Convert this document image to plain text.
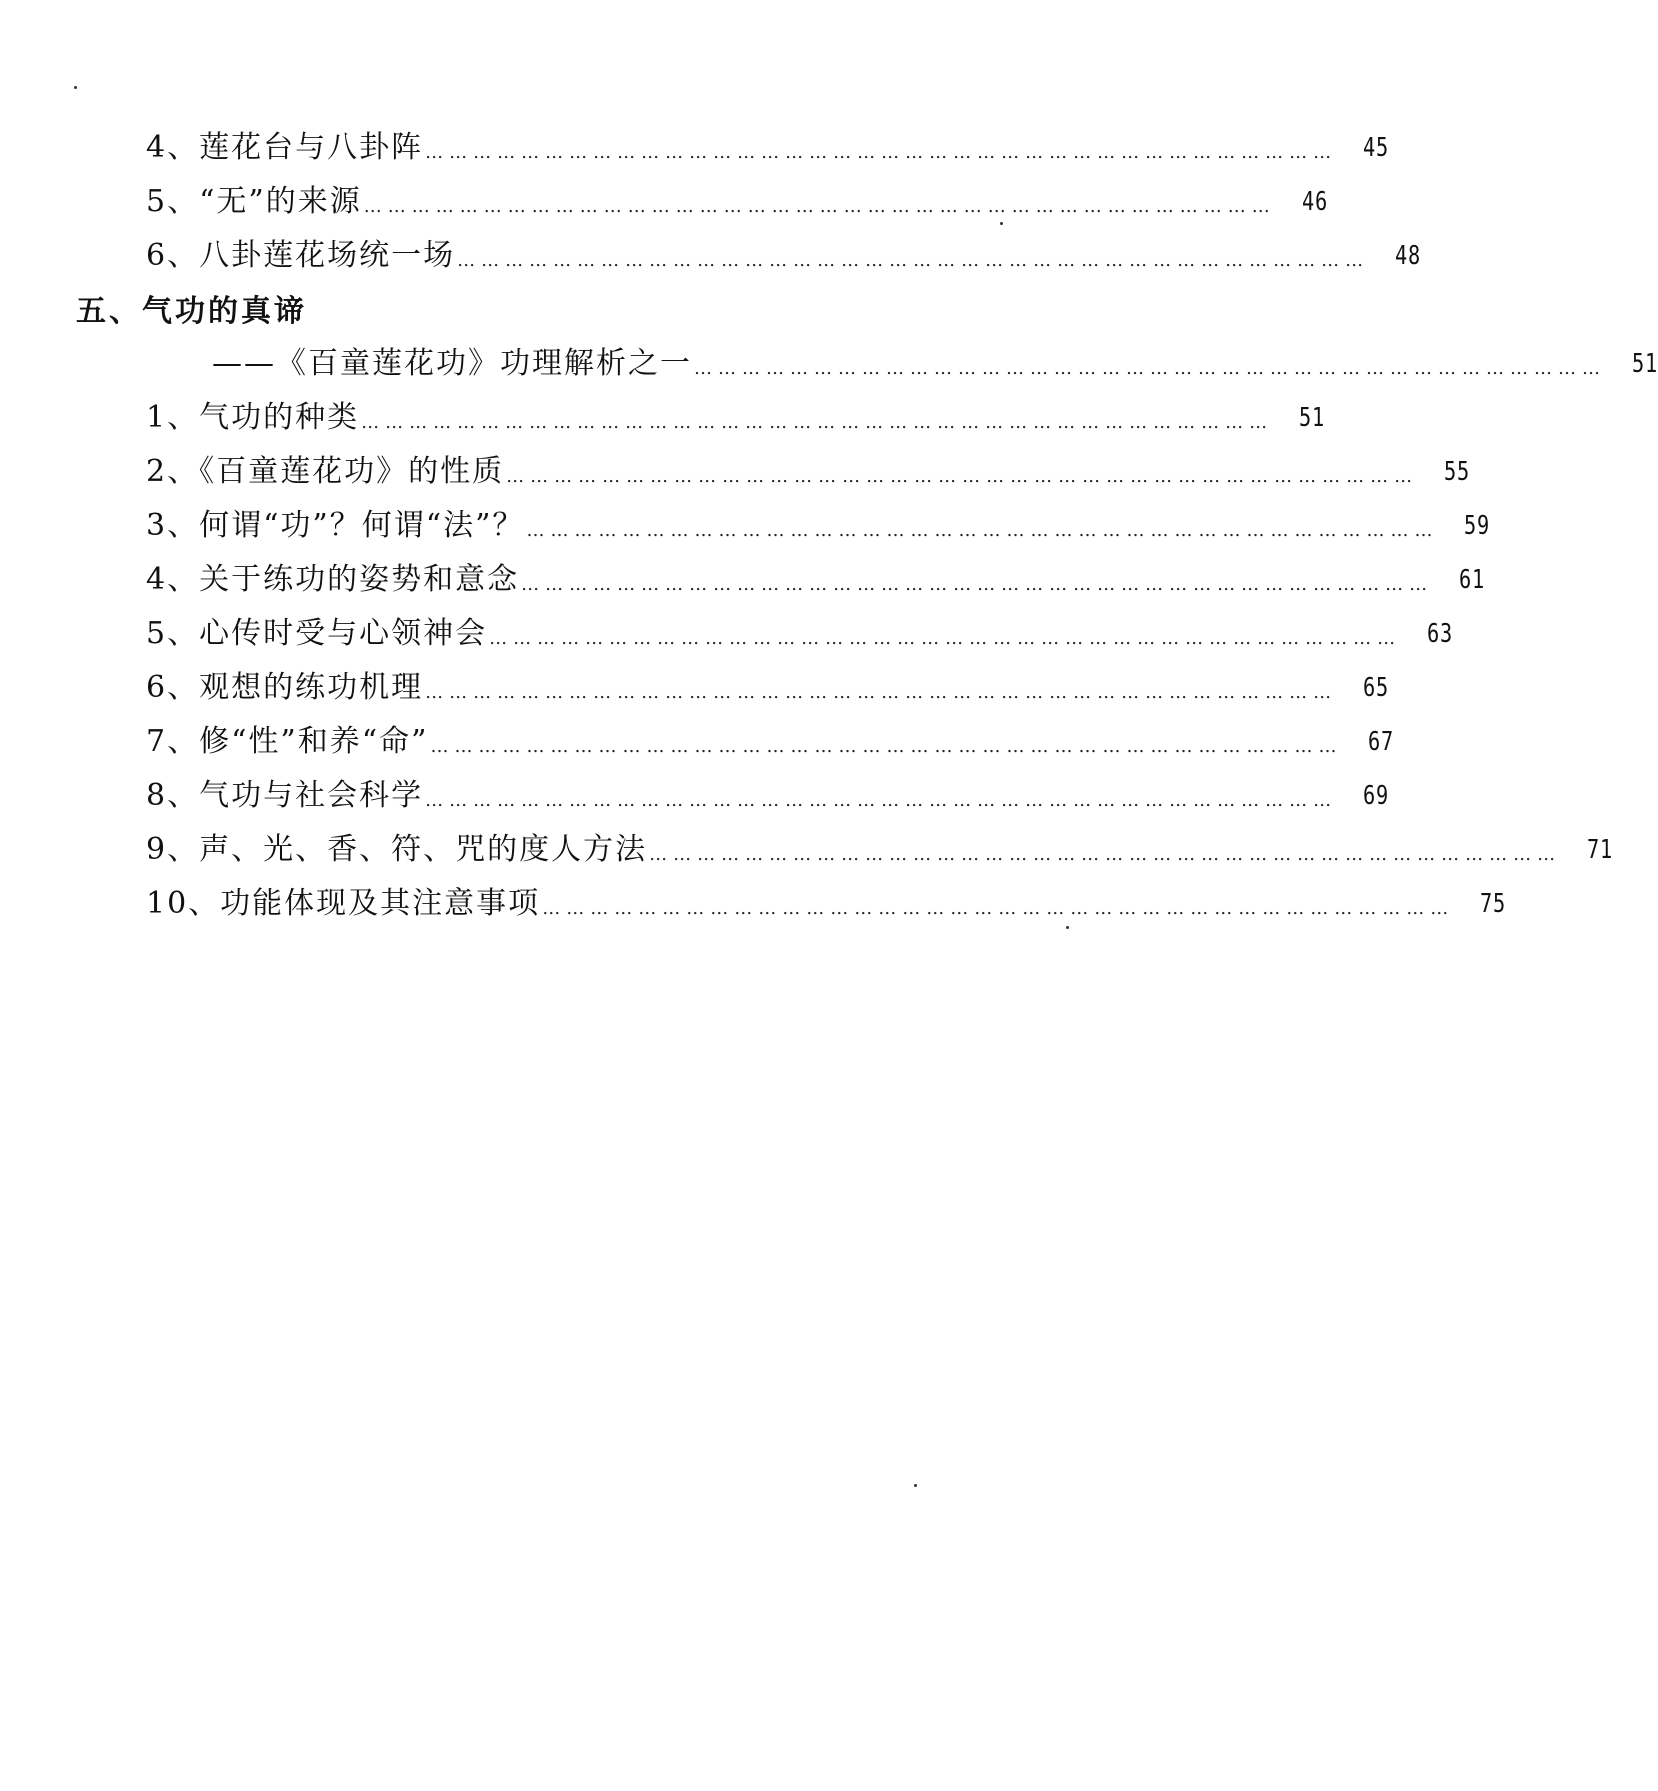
4、莲花台与八卦阵 ……………………………………………………………………………………………………	45
5、“无”的来源 ……………………………………………………………………………………………………	46
6、八卦莲花场统一场 ……………………………………………………………………………………………………	48
五、气功的真谛
——《百童莲花功》功理解析之一 ……………………………………………………………………………………………………	51
1、气功的种类 ……………………………………………………………………………………………………	51
2、《百童莲花功》的性质 ……………………………………………………………………………………………………	55
3、何谓“功”？何谓“法”？ ……………………………………………………………………………………………………	59
4、关于练功的姿势和意念 ……………………………………………………………………………………………………	61
5、心传时受与心领神会 ……………………………………………………………………………………………………	63
6、观想的练功机理 ……………………………………………………………………………………………………	65
7、修“性”和养“命” ……………………………………………………………………………………………………	67
8、气功与社会科学 ……………………………………………………………………………………………………	69
9、声、光、香、符、咒的度人方法 ……………………………………………………………………………………………………	71
10、功能体现及其注意事项 ……………………………………………………………………………………………………	75
